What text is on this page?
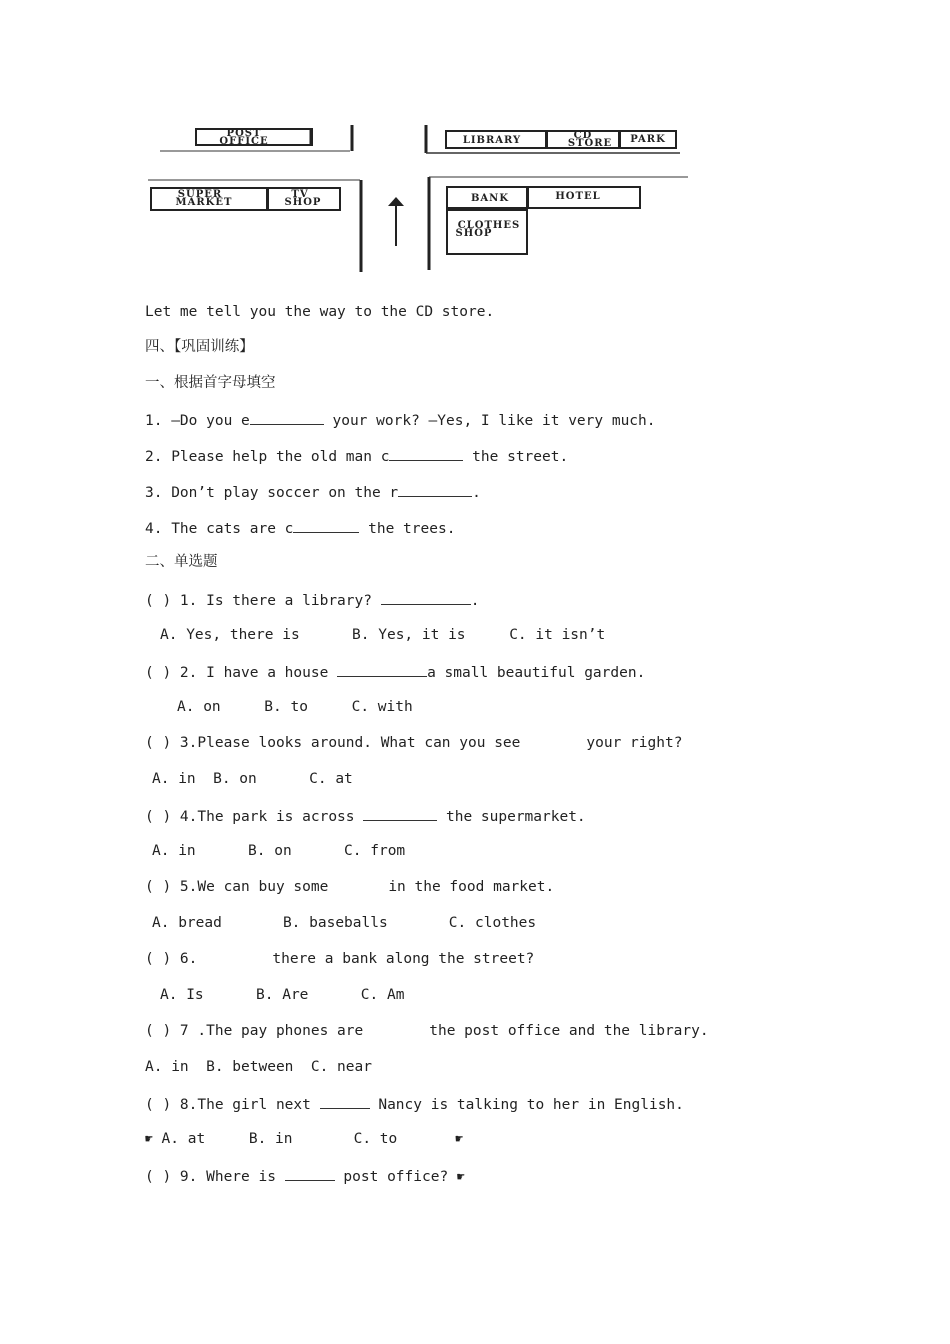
POST
OFFICE	LIBRARY	CD
STORE PARK
SUPER
MARKET
TV
SHOP	BANK	HOTEL
CLOTHES
SHOP
Let me tell you the way to the CD store.
四、【巩固训练】
一、根据首字母填空
1. —Do you e	your work? —Yes, I like it very much.
2. Please help the old man c	the street.
3. Don’t play soccer on the r	.
4. The cats are c	the trees.
二、单选题
( ) 1. Is there a library?	.
A. Yes, there is      B. Yes, it is     C. it isn’t
( ) 2. I have a house	a small beautiful garden.
A. on     B. to     C. with
( ) 3.Please looks around. What can you see	your right?
A. in  B. on      C. at
( ) 4.The park is across	the supermarket.
A. in      B. on      C. from
( ) 5.We can buy some	in the food market.
A. bread       B. baseballs       C. clothes
( ) 6.	there a bank along the street?
A. Is      B. Are      C. Am
( ) 7 .The pay phones are	the post office and the library.
A. in  B. between  C. near
( ) 8.The girl next	Nancy is talking to her in English.
☛ A. at     B. in       C. to	☛
( ) 9. Where is	post office? ☛
